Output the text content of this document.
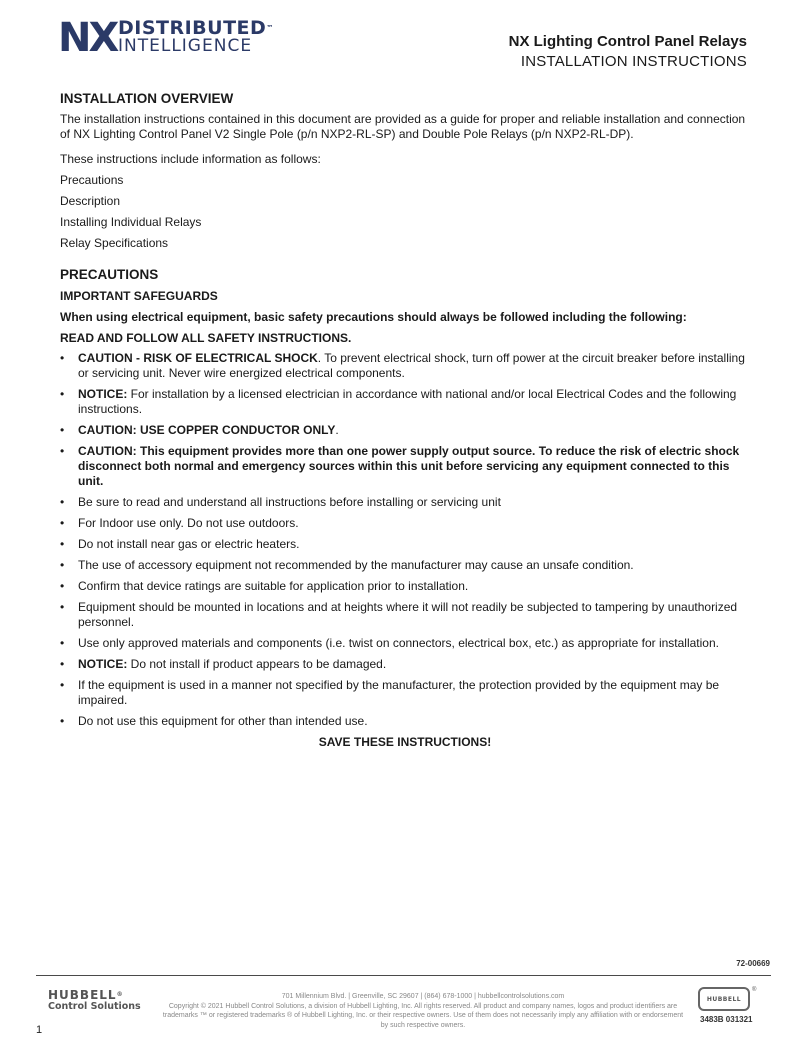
NX DISTRIBUTED™
INTELLIGENCE	NX Lighting Control Panel Relays
INSTALLATION INSTRUCTIONS
INSTALLATION OVERVIEW
The installation instructions contained in this document are provided as a guide for proper and reliable installation and connection of NX Lighting Control Panel V2 Single Pole (p/n NXP2-RL-SP) and Double Pole Relays (p/n NXP2-RL-DP).
These instructions include information as follows:
Precautions
Description
Installing Individual Relays
Relay Specifications
PRECAUTIONS
IMPORTANT SAFEGUARDS
When using electrical equipment, basic safety precautions should always be followed including the following:
READ AND FOLLOW ALL SAFETY INSTRUCTIONS.
• CAUTION - RISK OF ELECTRICAL SHOCK. To prevent electrical shock, turn off power at the circuit breaker before installing or servicing unit. Never wire energized electrical components.
• NOTICE: For installation by a licensed electrician in accordance with national and/or local Electrical Codes and the following instructions.
• CAUTION: USE COPPER CONDUCTOR ONLY.
• CAUTION: This equipment provides more than one power supply output source. To reduce the risk of electric shock disconnect both normal and emergency sources within this unit before servicing any equipment connected to this unit.
• Be sure to read and understand all instructions before installing or servicing unit
• For Indoor use only. Do not use outdoors.
• Do not install near gas or electric heaters.
• The use of accessory equipment not recommended by the manufacturer may cause an unsafe condition.
• Confirm that device ratings are suitable for application prior to installation.
• Equipment should be mounted in locations and at heights where it will not readily be subjected to tampering by unauthorized personnel.
• Use only approved materials and components (i.e. twist on connectors, electrical box, etc.) as appropriate for installation.
• NOTICE: Do not install if product appears to be damaged.
• If the equipment is used in a manner not specified by the manufacturer, the protection provided by the equipment may be impaired.
• Do not use this equipment for other than intended use.
SAVE THESE INSTRUCTIONS!
72-00669
HUBBELL®
Control Solutions
701 Millennium Blvd. | Greenville, SC 29607 | (864) 678-1000 | hubbellcontrolsolutions.com
Copyright © 2021 Hubbell Control Solutions, a division of Hubbell Lighting, Inc. All rights reserved. All product and company names, logos and product identifiers are trademarks ™ or registered trademarks ® of Hubbell Lighting, Inc. or their respective owners. Use of them does not necessarily imply any affiliation with or endorsement by such respective owners.
HUBBELL
®
3483B 031321
1
